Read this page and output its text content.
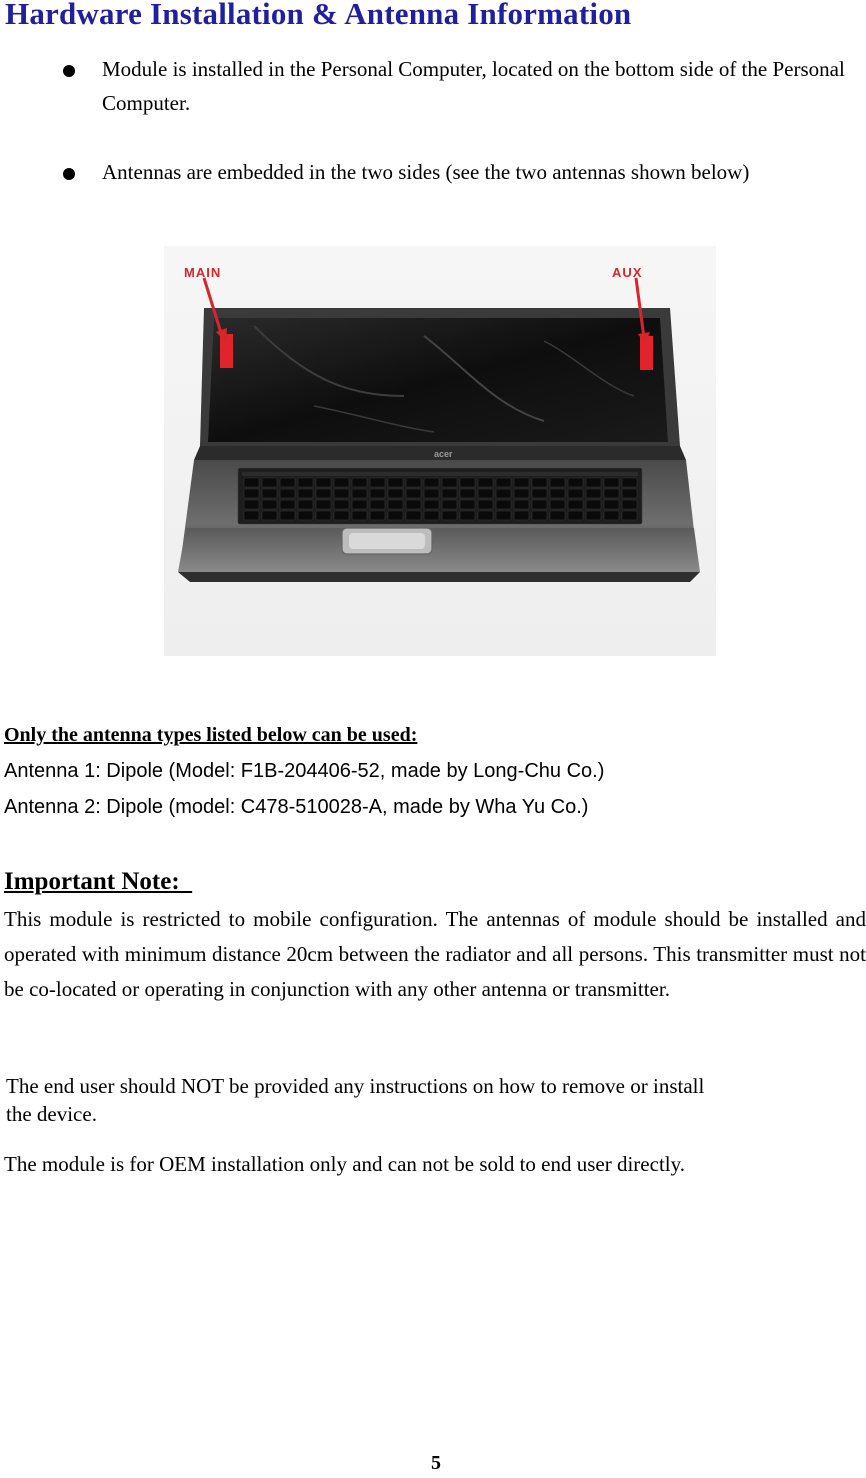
Hardware Installation & Antenna Information
Module is installed in the Personal Computer, located on the bottom side of the Personal Computer.
Antennas are embedded in the two sides (see the two antennas shown below)
acer
MAIN	AUX
Only the antenna types listed below can be used:
Antenna 1: Dipole (Model: F1B-204406-52, made by Long-Chu Co.)
Antenna 2: Dipole (model: C478-510028-A, made by Wha Yu Co.)
Important Note:
This module is restricted to mobile configuration. The antennas of module should be installed and operated with minimum distance 20cm between the radiator and all persons. This transmitter must not be co-located or operating in conjunction with any other antenna or transmitter.
The end user should NOT be provided any instructions on how to remove or install
the device.
The module is for OEM installation only and can not be sold to end user directly.
5
